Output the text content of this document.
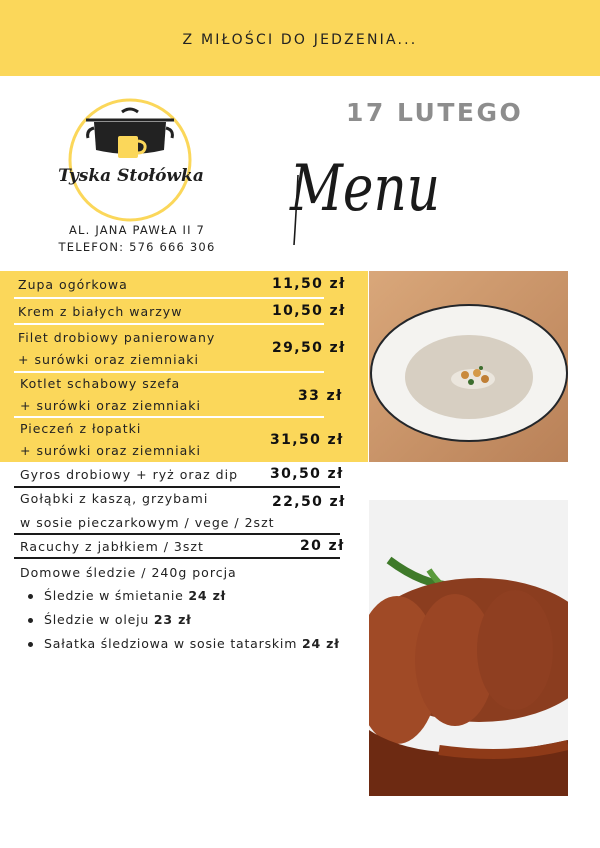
Z MIŁOŚCI DO JEDZENIA...
Tyska Stołówka
AL. JANA PAWŁA II 7
TELEFON: 576 666 306
17 LUTEGO
Menu
Zupa ogórkowa	11,50 zł
Krem z białych warzyw	10,50 zł
Filet drobiowy panierowany
+ surówki oraz ziemniaki
29,50 zł
Kotlet schabowy szefa
+ surówki oraz ziemniaki
33 zł
Pieczeń z łopatki
+ surówki oraz ziemniaki
31,50 zł
Gyros drobiowy + ryż oraz dip 30,50 zł
Gołąbki z kaszą, grzybami
w sosie pieczarkowym / vege / 2szt
22,50 zł
Racuchy z jabłkiem / 3szt	20 zł
Domowe śledzie / 240g porcja
Śledzie w śmietanie 24 zł
Śledzie w oleju 23 zł
Sałatka śledziowa w sosie tatarskim 24 zł
